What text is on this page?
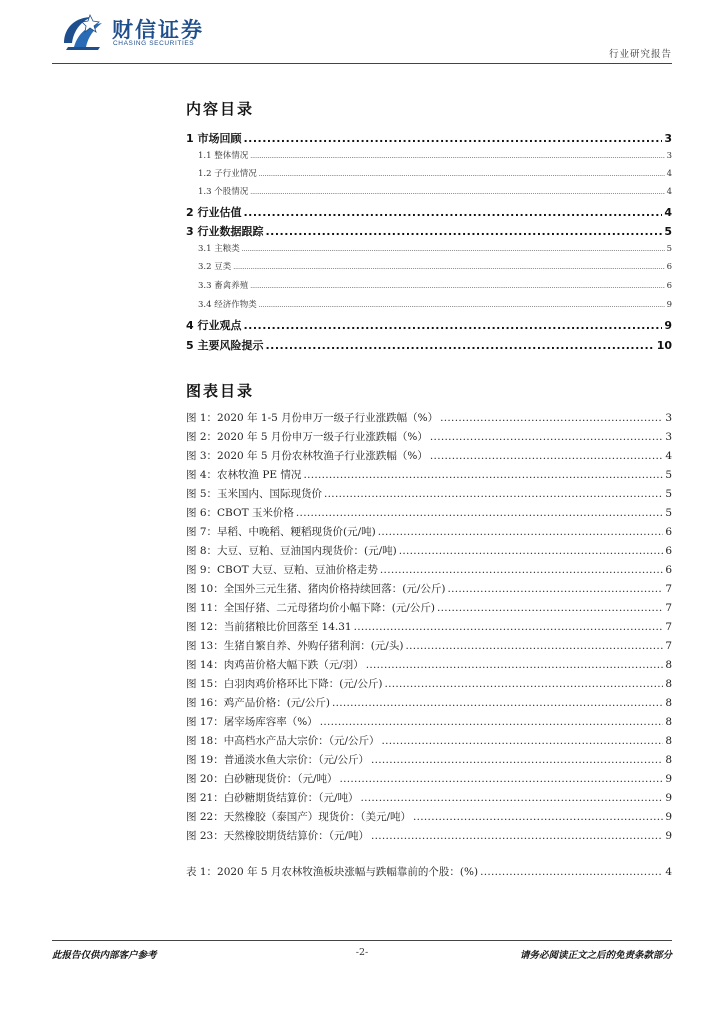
财信证券
CHASING SECURITIES
行业研究报告
内容目录
1 市场回顾 .....	3
1.1 整体情况 .....	3
1.2 子行业情况 .....	4
1.3 个股情况 .....	4
2 行业估值 .....	4
3 行业数据跟踪 .....	5
3.1 主粮类 .....	5
3.2 豆类 .....	6
3.3 畜禽养殖 .....	6
3.4 经济作物类 .....	9
4 行业观点 .....	9
5 主要风险提示 .....	10
图表目录
图 1：2020 年 1-5 月份申万一级子行业涨跌幅（%） .....	3
图 2：2020 年 5 月份申万一级子行业涨跌幅（%） .....	3
图 3：2020 年 5 月份农林牧渔子行业涨跌幅（%） .....	4
图 4：农林牧渔 PE 情况 .....	5
图 5：玉米国内、国际现货价 .....	5
图 6：CBOT 玉米价格 .....	5
图 7：早稻、中晚稻、粳稻现货价(元/吨) .....	6
图 8：大豆、豆粕、豆油国内现货价：(元/吨) .....	6
图 9：CBOT 大豆、豆粕、豆油价格走势 .....	6
图 10：全国外三元生猪、猪肉价格持续回落：(元/公斤) .....	7
图 11：全国仔猪、二元母猪均价小幅下降：(元/公斤) .....	7
图 12：当前猪粮比价回落至 14.31 .....	7
图 13：生猪自繁自养、外购仔猪利润：(元/头) .....	7
图 14：肉鸡苗价格大幅下跌（元/羽） .....	8
图 15：白羽肉鸡价格环比下降：(元/公斤) .....	8
图 16：鸡产品价格：(元/公斤) .....	8
图 17：屠宰场库容率（%） .....	8
图 18：中高档水产品大宗价：（元/公斤） .....	8
图 19：普通淡水鱼大宗价：（元/公斤） .....	8
图 20：白砂糖现货价：（元/吨） .....	9
图 21：白砂糖期货结算价：（元/吨） .....	9
图 22：天然橡胶（泰国产）现货价：（美元/吨） .....	9
图 23：天然橡胶期货结算价：（元/吨） .....	9
表 1：2020 年 5 月农林牧渔板块涨幅与跌幅靠前的个股：(%) .....	4
此报告仅供内部客户参考	-2-	请务必阅读正文之后的免责条款部分
